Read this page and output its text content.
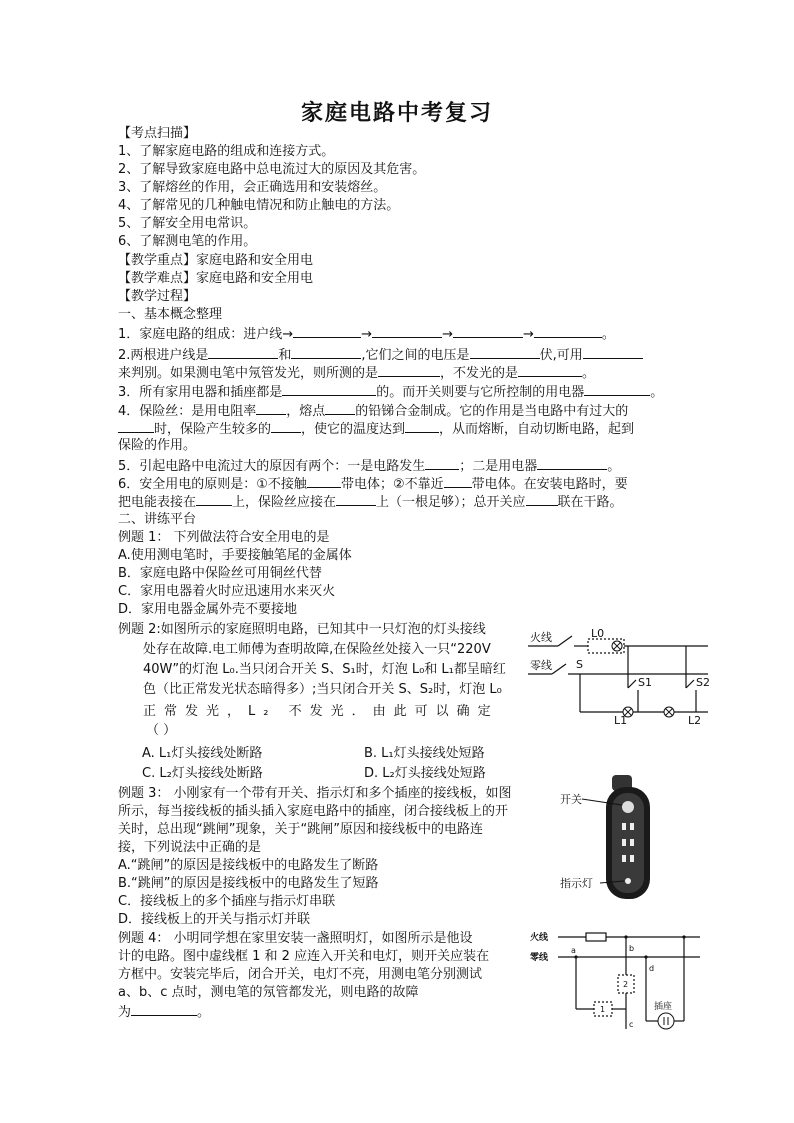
家庭电路中考复习
【考点扫描】
1、了解家庭电路的组成和连接方式。
2、了解导致家庭电路中总电流过大的原因及其危害。
3、了解熔丝的作用，会正确选用和安装熔丝。
4、了解常见的几种触电情况和防止触电的方法。
5、了解安全用电常识。
6、了解测电笔的作用。
【教学重点】家庭电路和安全用电
【教学难点】家庭电路和安全用电
【教学过程】
一、基本概念整理
1．家庭电路的组成：进户线→	→	→	→	。
2.两根进户线是	和	,它们之间的电压是	伏,可用
来判别。如果测电笔中氖管发光，则所测的是	，不发光的是	。
3．所有家用电器和插座都是	的。而开关则要与它所控制的用电器	。
4．保险丝：是用电阻率 ，熔点 的铅锑合金制成。它的作用是当电路中有过大的
时，保险产生较多的 ，使它的温度达到	，从而熔断，自动切断电路，起到
保险的作用。
5．引起电路中电流过大的原因有两个：一是电路发生	；二是用电器	。
6．安全用电的原则是：①不接触	带电体；②不靠近 带电体。在安装电路时，要
把电能表接在	上，保险丝应接在	上（一根足够）；总开关应 联在干路。
二、讲练平台
例题 1： 下列做法符合安全用电的是
A.使用测电笔时，手要接触笔尾的金属体
B．家庭电路中保险丝可用铜丝代替
C．家用电器着火时应迅速用水来灭火
D．家用电器金属外壳不要接地
例题 2:如图所示的家庭照明电路，已知其中一只灯泡的灯头接线
处存在故障.电工师傅为查明故障,在保险丝处接入一只“220V
40W”的灯泡 L₀.当只闭合开关 S、S₁时，灯泡 L₀和 L₁都呈暗红
色（比正常发光状态暗得多）;当只闭合开关 S、S₂时，灯泡 L₀
正常发光，L₂ 不发光．由此可以确定
（ ）
A. L₁灯头接线处断路	B. L₁灯头接线处短路
C. L₂灯头接线处断路	D. L₂灯头接线处短路
例题 3： 小刚家有一个带有开关、指示灯和多个插座的接线板，如图
所示，每当接线板的插头插入家庭电路中的插座，闭合接线板上的开
关时，总出现“跳闸”现象，关于“跳闸”原因和接线板中的电路连
接，下列说法中正确的是
A.“跳闸”的原因是接线板中的电路发生了断路
B.“跳闸”的原因是接线板中的电路发生了短路
C．接线板上的多个插座与指示灯串联
D．接线板上的开关与指示灯并联
例题 4： 小明同学想在家里安装一盏照明灯，如图所示是他设
计的电路。图中虚线框 1 和 2 应连入开关和电灯，则开关应装在
方框中。安装完毕后，闭合开关，电灯不亮，用测电笔分别测试
a、b、c 点时，测电笔的氖管都发光，则电路的故障
为	。
火线
零线
L0
S
S1	S2
L1	L2
开关
指示灯
火线
零线
a	b
d
c
1
2
插座
